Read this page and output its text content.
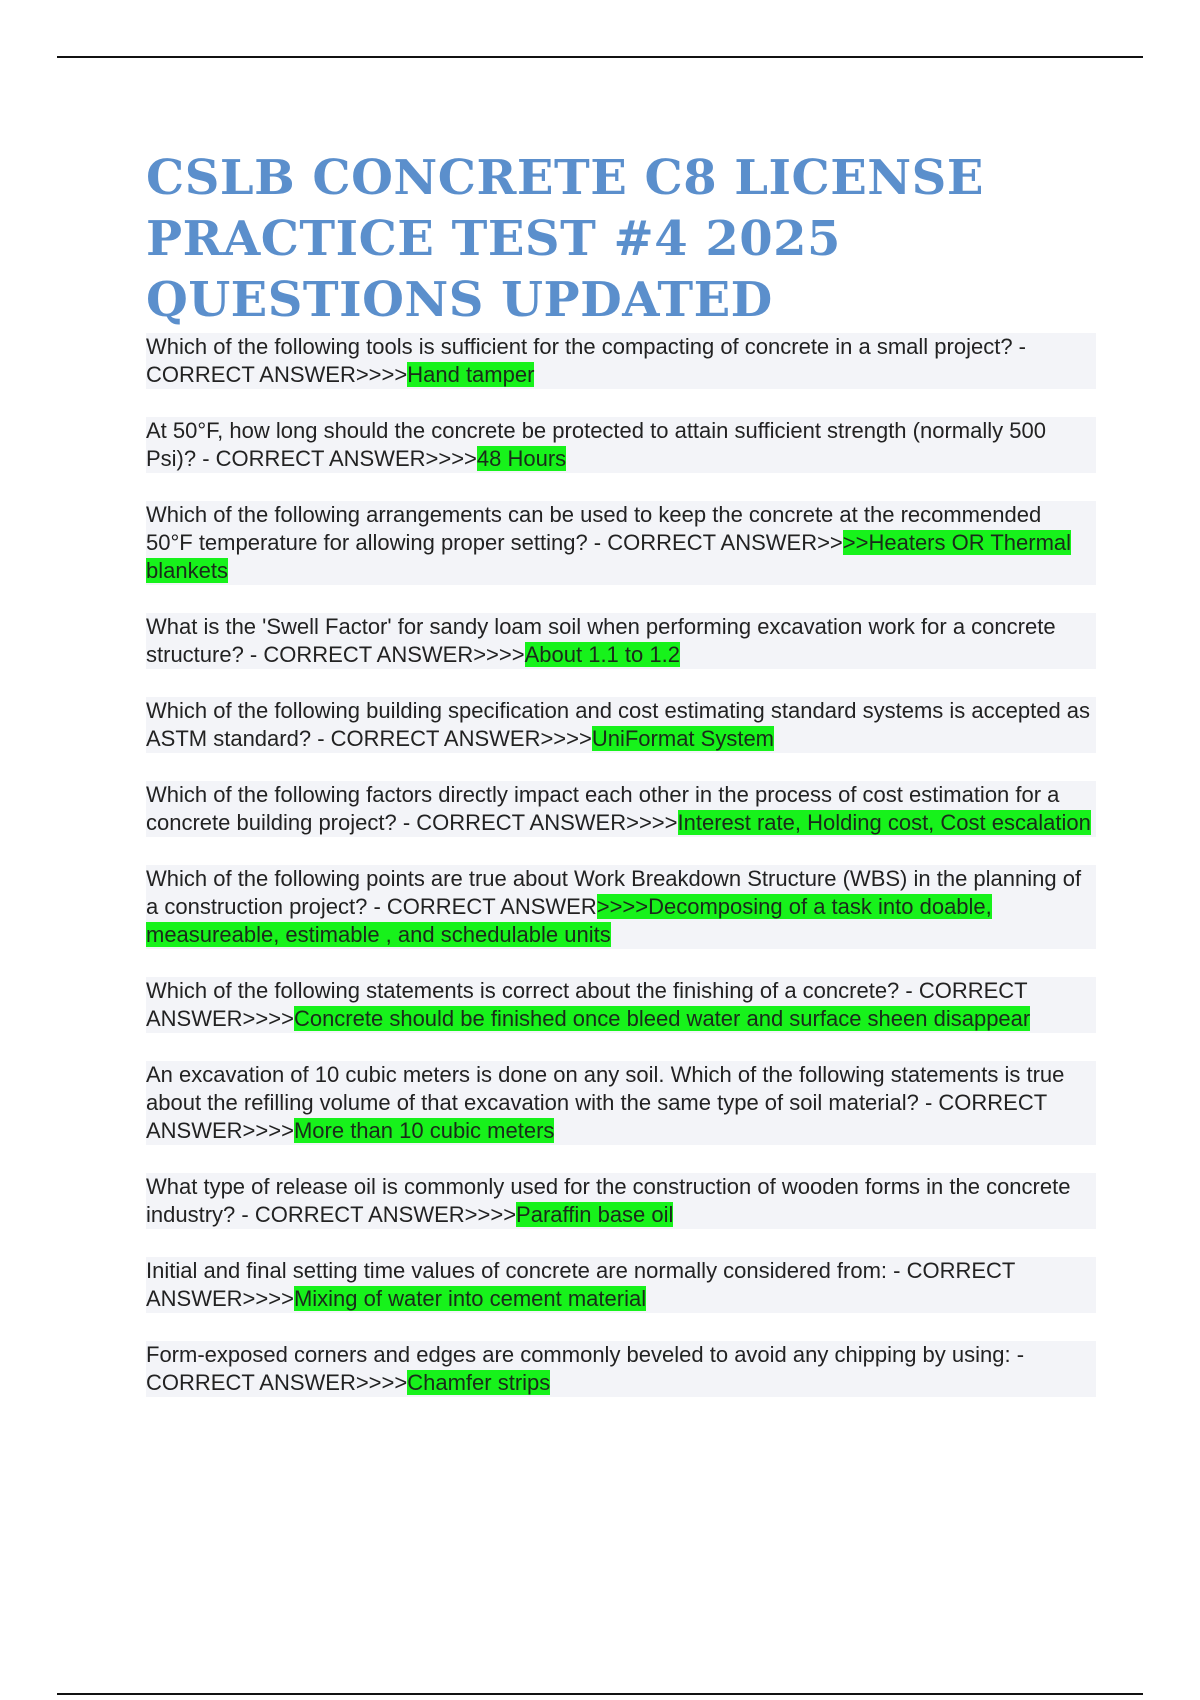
CSLB CONCRETE C8 LICENSE PRACTICE TEST #4 2025 QUESTIONS UPDATED

Which of the following tools is sufficient for the compacting of concrete in a small project? - CORRECT ANSWER>>>>Hand tamper

At 50°F, how long should the concrete be protected to attain sufficient strength (normally 500 Psi)? - CORRECT ANSWER>>>>48 Hours

Which of the following arrangements can be used to keep the concrete at the recommended 50°F temperature for allowing proper setting? - CORRECT ANSWER>>>>Heaters OR Thermal blankets

What is the 'Swell Factor' for sandy loam soil when performing excavation work for a concrete structure? - CORRECT ANSWER>>>>About 1.1 to 1.2

Which of the following building specification and cost estimating standard systems is accepted as ASTM standard? - CORRECT ANSWER>>>>UniFormat System

Which of the following factors directly impact each other in the process of cost estimation for a concrete building project? - CORRECT ANSWER>>>>Interest rate, Holding cost, Cost escalation

Which of the following points are true about Work Breakdown Structure (WBS) in the planning of a construction project? - CORRECT ANSWER>>>>Decomposing of a task into doable, measureable, estimable , and schedulable units

Which of the following statements is correct about the finishing of a concrete? - CORRECT ANSWER>>>>Concrete should be finished once bleed water and surface sheen disappear

An excavation of 10 cubic meters is done on any soil. Which of the following statements is true about the refilling volume of that excavation with the same type of soil material? - CORRECT ANSWER>>>>More than 10 cubic meters

What type of release oil is commonly used for the construction of wooden forms in the concrete industry? - CORRECT ANSWER>>>>Paraffin base oil

Initial and final setting time values of concrete are normally considered from: - CORRECT ANSWER>>>>Mixing of water into cement material

Form-exposed corners and edges are commonly beveled to avoid any chipping by using: - CORRECT ANSWER>>>>Chamfer strips
